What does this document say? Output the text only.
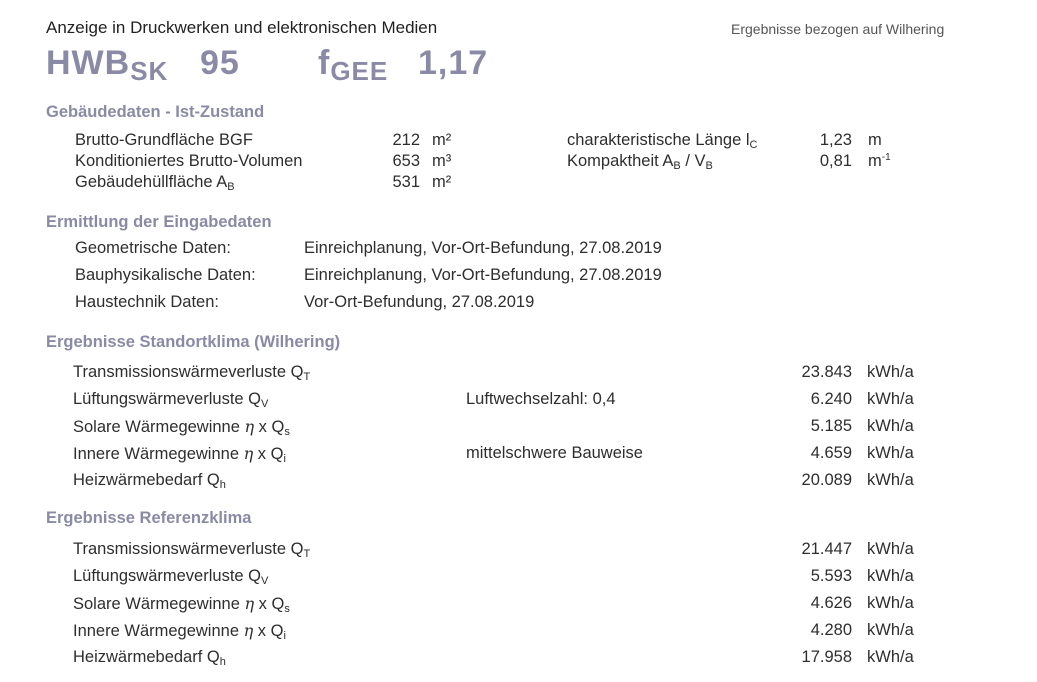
Anzeige in Druckwerken und elektronischen Medien	Ergebnisse bezogen auf Wilhering
$HWB_{SK}$ 95 $f_{GEE}$ 1,17
Gebäudedaten - Ist-Zustand
Brutto-Grundfläche BGF	212 m²
Konditioniertes Brutto-Volumen	653 m³
Gebäudehüllfläche $A_B$	531 m²
charakteristische Länge $l_C$	1,23 m
Kompaktheit $A_B / V_B$	0,81 $m^{-1}$
Ermittlung der Eingabedaten
Geometrische Daten:	Einreichplanung, Vor-Ort-Befundung, 27.08.2019
Bauphysikalische Daten:	Einreichplanung, Vor-Ort-Befundung, 27.08.2019
Haustechnik Daten:	Vor-Ort-Befundung, 27.08.2019
Ergebnisse Standortklima (Wilhering)
Transmissionswärmeverluste $Q_T$	23.843 kWh/a
Lüftungswärmeverluste $Q_V$	Luftwechselzahl: 0,4	6.240 kWh/a
Solare Wärmegewinne η x $Q_s$	5.185 kWh/a
Innere Wärmegewinne η x $Q_i$	mittelschwere Bauweise	4.659 kWh/a
Heizwärmebedarf $Q_h$	20.089 kWh/a
Ergebnisse Referenzklima
Transmissionswärmeverluste $Q_T$	21.447 kWh/a
Lüftungswärmeverluste $Q_V$	5.593 kWh/a
Solare Wärmegewinne η x $Q_s$	4.626 kWh/a
Innere Wärmegewinne η x $Q_i$	4.280 kWh/a
Heizwärmebedarf $Q_h$	17.958 kWh/a
